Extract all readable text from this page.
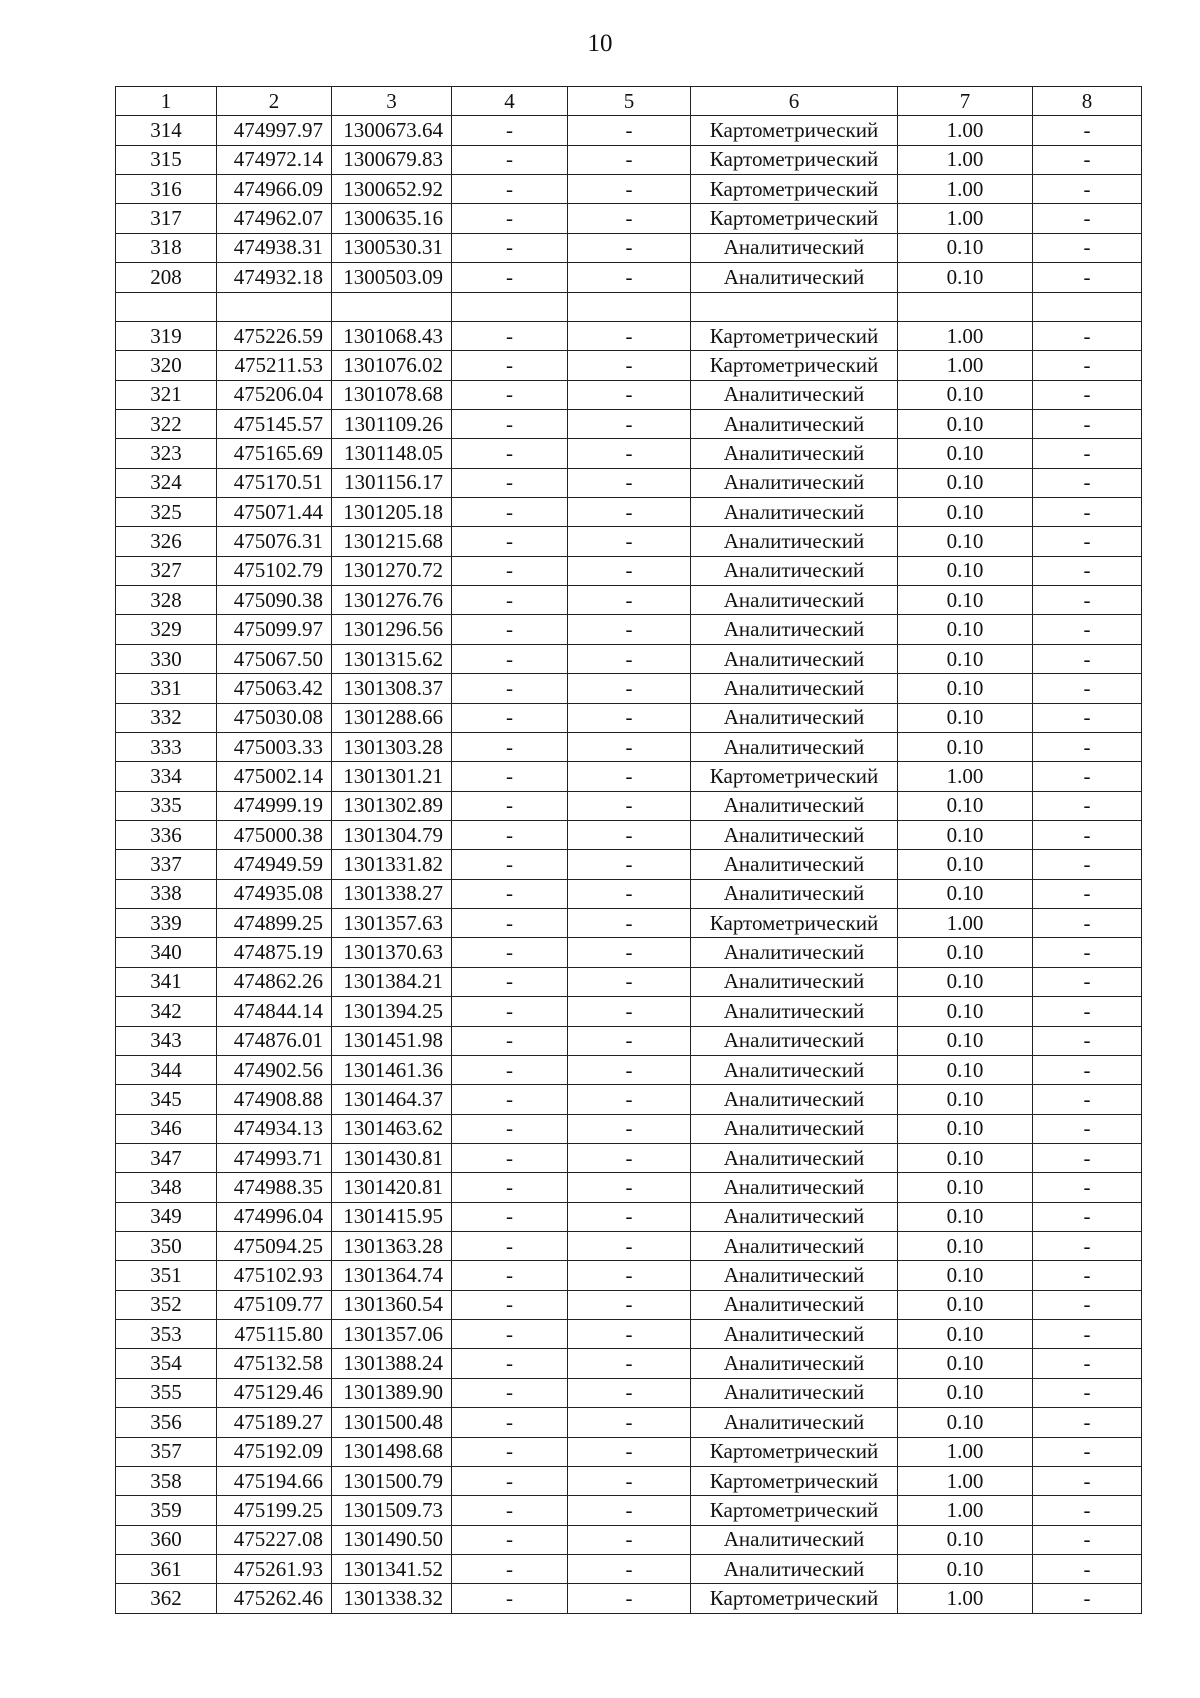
10
1	2	3	4	5	6	7	8
314	474997.97	1300673.64	-	-	Картометрический	1.00	-
315	474972.14	1300679.83	-	-	Картометрический	1.00	-
316	474966.09	1300652.92	-	-	Картометрический	1.00	-
317	474962.07	1300635.16	-	-	Картометрический	1.00	-
318	474938.31	1300530.31	-	-	Аналитический	0.10	-
208	474932.18	1300503.09	-	-	Аналитический	0.10	-

319	475226.59	1301068.43	-	-	Картометрический	1.00	-
320	475211.53	1301076.02	-	-	Картометрический	1.00	-
321	475206.04	1301078.68	-	-	Аналитический	0.10	-
322	475145.57	1301109.26	-	-	Аналитический	0.10	-
323	475165.69	1301148.05	-	-	Аналитический	0.10	-
324	475170.51	1301156.17	-	-	Аналитический	0.10	-
325	475071.44	1301205.18	-	-	Аналитический	0.10	-
326	475076.31	1301215.68	-	-	Аналитический	0.10	-
327	475102.79	1301270.72	-	-	Аналитический	0.10	-
328	475090.38	1301276.76	-	-	Аналитический	0.10	-
329	475099.97	1301296.56	-	-	Аналитический	0.10	-
330	475067.50	1301315.62	-	-	Аналитический	0.10	-
331	475063.42	1301308.37	-	-	Аналитический	0.10	-
332	475030.08	1301288.66	-	-	Аналитический	0.10	-
333	475003.33	1301303.28	-	-	Аналитический	0.10	-
334	475002.14	1301301.21	-	-	Картометрический	1.00	-
335	474999.19	1301302.89	-	-	Аналитический	0.10	-
336	475000.38	1301304.79	-	-	Аналитический	0.10	-
337	474949.59	1301331.82	-	-	Аналитический	0.10	-
338	474935.08	1301338.27	-	-	Аналитический	0.10	-
339	474899.25	1301357.63	-	-	Картометрический	1.00	-
340	474875.19	1301370.63	-	-	Аналитический	0.10	-
341	474862.26	1301384.21	-	-	Аналитический	0.10	-
342	474844.14	1301394.25	-	-	Аналитический	0.10	-
343	474876.01	1301451.98	-	-	Аналитический	0.10	-
344	474902.56	1301461.36	-	-	Аналитический	0.10	-
345	474908.88	1301464.37	-	-	Аналитический	0.10	-
346	474934.13	1301463.62	-	-	Аналитический	0.10	-
347	474993.71	1301430.81	-	-	Аналитический	0.10	-
348	474988.35	1301420.81	-	-	Аналитический	0.10	-
349	474996.04	1301415.95	-	-	Аналитический	0.10	-
350	475094.25	1301363.28	-	-	Аналитический	0.10	-
351	475102.93	1301364.74	-	-	Аналитический	0.10	-
352	475109.77	1301360.54	-	-	Аналитический	0.10	-
353	475115.80	1301357.06	-	-	Аналитический	0.10	-
354	475132.58	1301388.24	-	-	Аналитический	0.10	-
355	475129.46	1301389.90	-	-	Аналитический	0.10	-
356	475189.27	1301500.48	-	-	Аналитический	0.10	-
357	475192.09	1301498.68	-	-	Картометрический	1.00	-
358	475194.66	1301500.79	-	-	Картометрический	1.00	-
359	475199.25	1301509.73	-	-	Картометрический	1.00	-
360	475227.08	1301490.50	-	-	Аналитический	0.10	-
361	475261.93	1301341.52	-	-	Аналитический	0.10	-
362	475262.46	1301338.32	-	-	Картометрический	1.00	-
